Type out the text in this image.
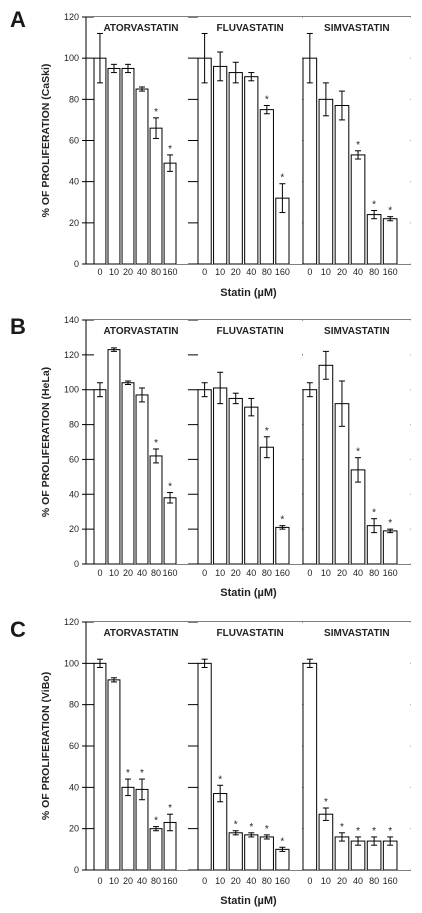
A
% OF PROLIFERATION (CaSki)
0
20
40
60
80
100
120
ATORVASTATIN
0 10 20 40
*
80
*
160
FLUVASTATIN
0 10 20 40
*
80
*
160
SIMVASTATIN
0 10 20
*
40
*
80
*
160
Statin (µM)
B
% OF PROLIFERATION (HeLa)
0
20
40
60
80
100
120
140
ATORVASTATIN
0 10 20 40
*
80
*
160
FLUVASTATIN
0 10 20 40
*
80
*
160
SIMVASTATIN
0 10 20
*
40
*
80
*
160
Statin (µM)
C
% OF PROLIFERATION (ViBo)
0
20
40
60
80
100
120
ATORVASTATIN
0 10
*
20
*
40
*
80
*
160
FLUVASTATIN
0
*
10
*
20
*
40
*
80
*
160
SIMVASTATIN
0
*
10
*
20
*
40
*
80
*
160
Statin (µM)
